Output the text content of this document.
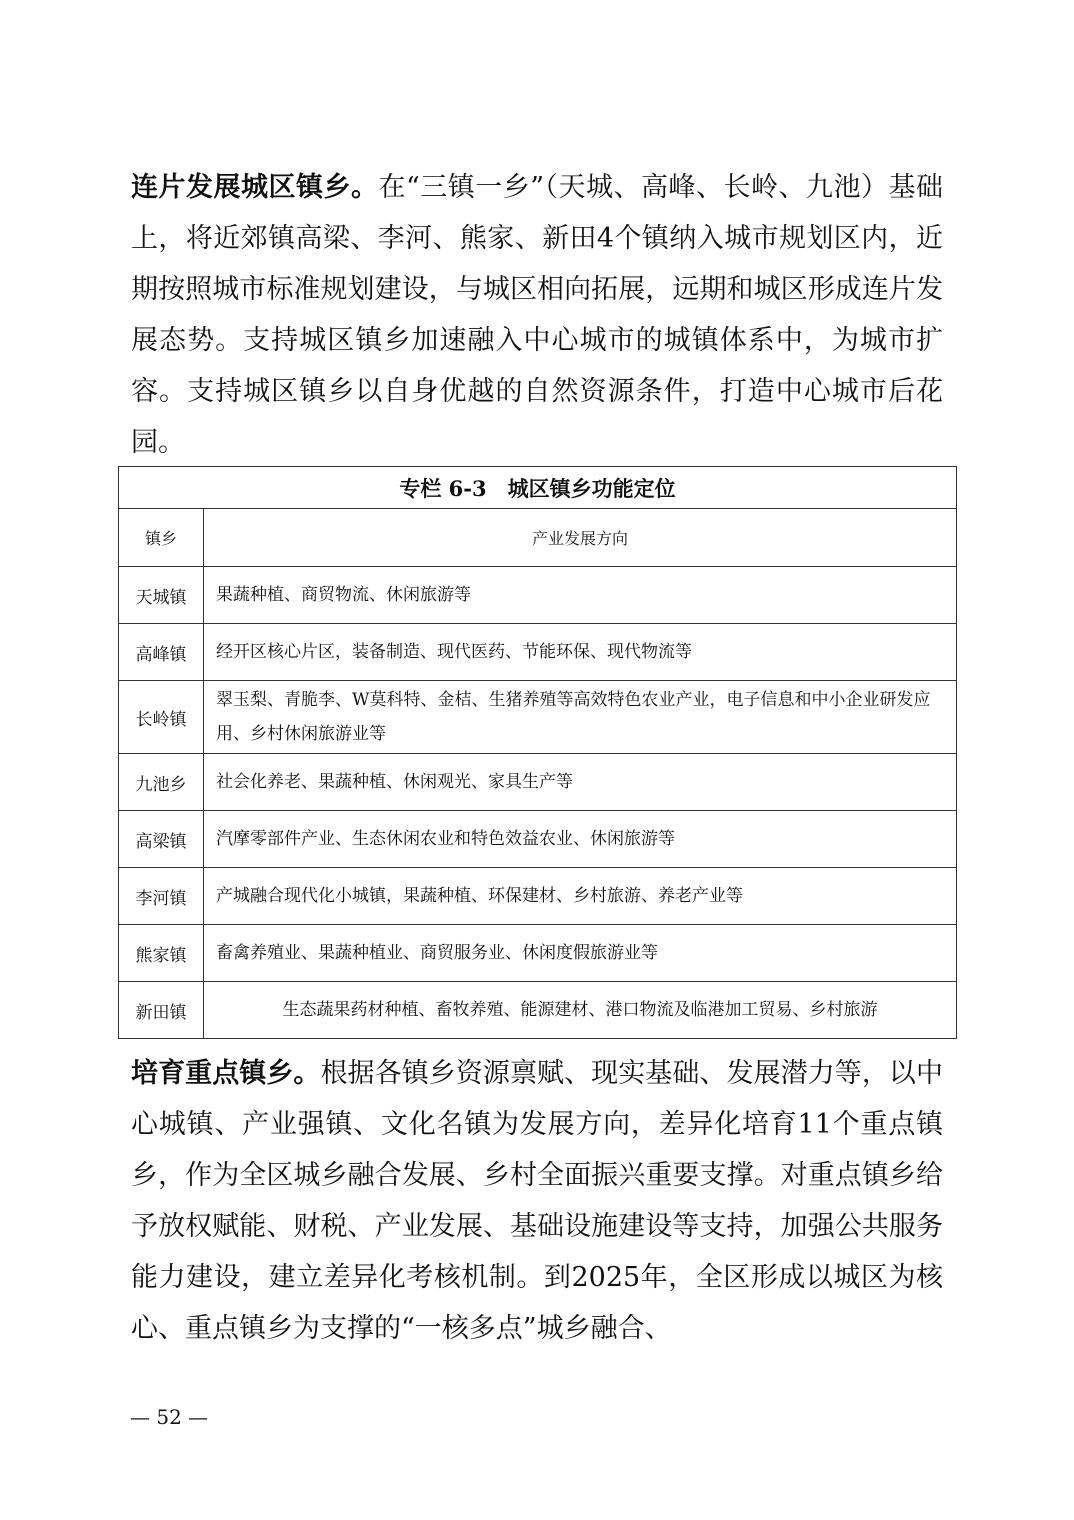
连片发展城区镇乡。在“三镇一乡”（天城、高峰、长岭、九池）基础上，将近郊镇高梁、李河、熊家、新田4个镇纳入城市规划区内，近期按照城市标准规划建设，与城区相向拓展，远期和城区形成连片发展态势。支持城区镇乡加速融入中心城市的城镇体系中，为城市扩容。支持城区镇乡以自身优越的自然资源条件，打造中心城市后花园。

专栏 6-3　城区镇乡功能定位	
镇乡	产业发展方向
天城镇	果蔬种植、商贸物流、休闲旅游等
高峰镇	经开区核心片区，装备制造、现代医药、节能环保、现代物流等
长岭镇	翠玉梨、青脆李、W莫科特、金桔、生猪养殖等高效特色农业产业，电子信息和中小企业研发应用、乡村休闲旅游业等
九池乡	社会化养老、果蔬种植、休闲观光、家具生产等
高梁镇	汽摩零部件产业、生态休闲农业和特色效益农业、休闲旅游等
李河镇	产城融合现代化小城镇，果蔬种植、环保建材、乡村旅游、养老产业等
熊家镇	畜禽养殖业、果蔬种植业、商贸服务业、休闲度假旅游业等
新田镇	生态蔬果药材种植、畜牧养殖、能源建材、港口物流及临港加工贸易、乡村旅游

培育重点镇乡。根据各镇乡资源禀赋、现实基础、发展潜力等，以中心城镇、产业强镇、文化名镇为发展方向，差异化培育11个重点镇乡，作为全区城乡融合发展、乡村全面振兴重要支撑。对重点镇乡给予放权赋能、财税、产业发展、基础设施建设等支持，加强公共服务能力建设，建立差异化考核机制。到2025年，全区形成以城区为核心、重点镇乡为支撑的“一核多点”城乡融合、

— 52 —
